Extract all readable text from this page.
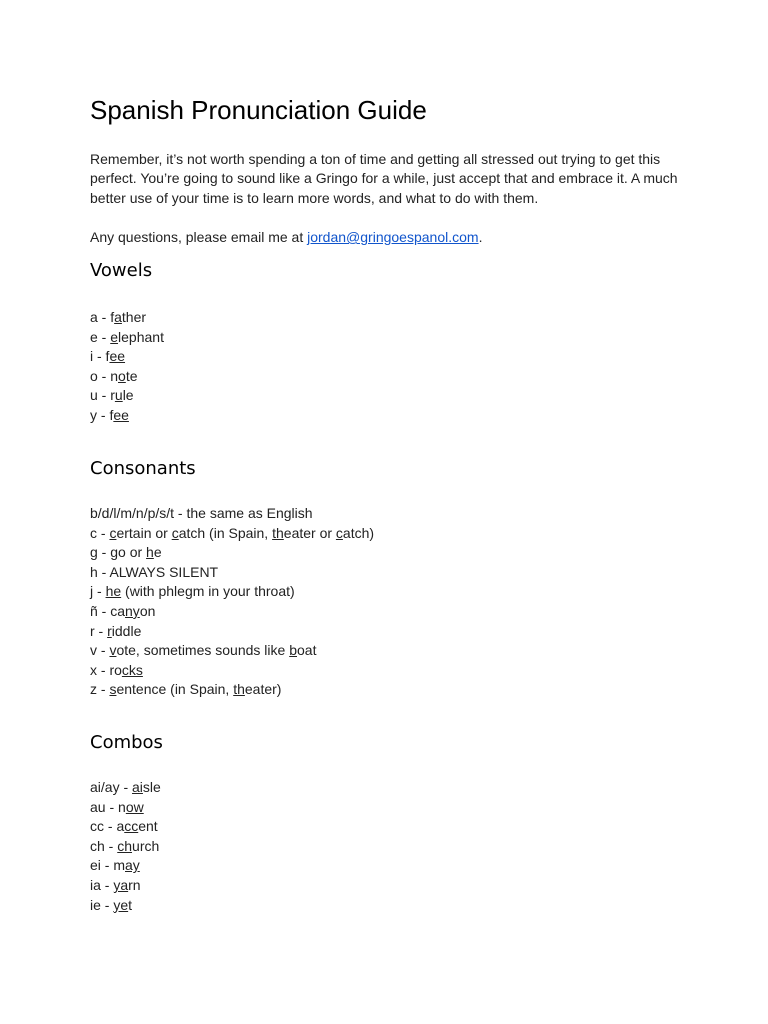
Spanish Pronunciation Guide

Remember, it’s not worth spending a ton of time and getting all stressed out trying to get this perfect. You’re going to sound like a Gringo for a while, just accept that and embrace it. A much better use of your time is to learn more words, and what to do with them.

Any questions, please email me at jordan@gringoespanol.com.

Vowels
a - father
e - elephant
i - fee
o - note
u - rule
y - fee
Consonants
b/d/l/m/n/p/s/t - the same as English
c - certain or catch (in Spain, theater or catch)
g - go or he
h - ALWAYS SILENT
j - he (with phlegm in your throat)
ñ - canyon
r - riddle
v - vote, sometimes sounds like boat
x - rocks
z - sentence (in Spain, theater)
Combos
ai/ay - aisle
au - now
cc - accent
ch - church
ei - may
ia - yarn
ie - yet
